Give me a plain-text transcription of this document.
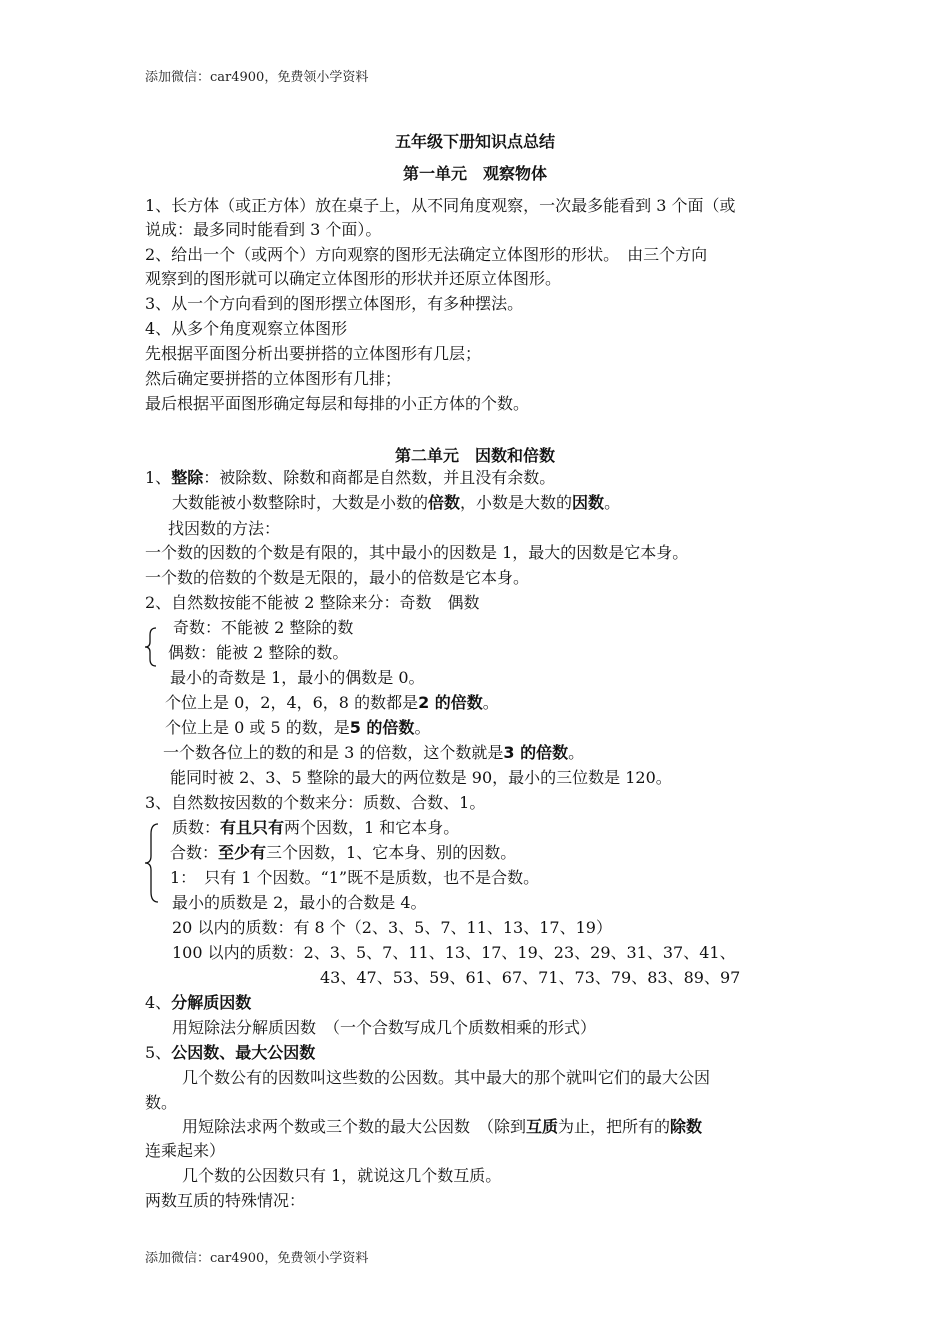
添加微信：car4900，免费领小学资料
五年级下册知识点总结
第一单元　观察物体
1、长方体（或正方体）放在桌子上，从不同角度观察，一次最多能看到 3 个面（或
说成：最多同时能看到 3 个面）。
2、给出一个（或两个）方向观察的图形无法确定立体图形的形状。　由三个方向
观察到的图形就可以确定立体图形的形状并还原立体图形。
3、从一个方向看到的图形摆立体图形，有多种摆法。
4、从多个角度观察立体图形
先根据平面图分析出要拼搭的立体图形有几层；
然后确定要拼搭的立体图形有几排；
最后根据平面图形确定每层和每排的小正方体的个数。
第二单元　因数和倍数
1、整除：被除数、除数和商都是自然数，并且没有余数。
大数能被小数整除时，大数是小数的倍数，小数是大数的因数。
找因数的方法：
一个数的因数的个数是有限的，其中最小的因数是 1，最大的因数是它本身。
一个数的倍数的个数是无限的，最小的倍数是它本身。
2、自然数按能不能被 2 整除来分：奇数　偶数
奇数：不能被 2 整除的数
偶数：能被 2 整除的数。
最小的奇数是 1，最小的偶数是 0。
个位上是 0，2，4，6，8 的数都是2 的倍数。
个位上是 0 或 5 的数，是5 的倍数。
一个数各位上的数的和是 3 的倍数，这个数就是3 的倍数。
能同时被 2、3、5 整除的最大的两位数是 90，最小的三位数是 120。
3、自然数按因数的个数来分：质数、合数、1。
质数：有且只有两个因数，1 和它本身。
合数：至少有三个因数，1、它本身、别的因数。
1：　只有 1 个因数。“1”既不是质数，也不是合数。
最小的质数是 2，最小的合数是 4。
20 以内的质数：有 8 个（2、3、5、7、11、13、17、19）
100 以内的质数：2、3、5、7、11、13、17、19、23、29、31、37、41、
43、47、53、59、61、67、71、73、79、83、89、97
4、分解质因数
用短除法分解质因数　（一个合数写成几个质数相乘的形式）
5、公因数、最大公因数
几个数公有的因数叫这些数的公因数。其中最大的那个就叫它们的最大公因
数。
用短除法求两个数或三个数的最大公因数　（除到互质为止，把所有的除数
连乘起来）
几个数的公因数只有 1，就说这几个数互质。
两数互质的特殊情况：
添加微信：car4900，免费领小学资料
